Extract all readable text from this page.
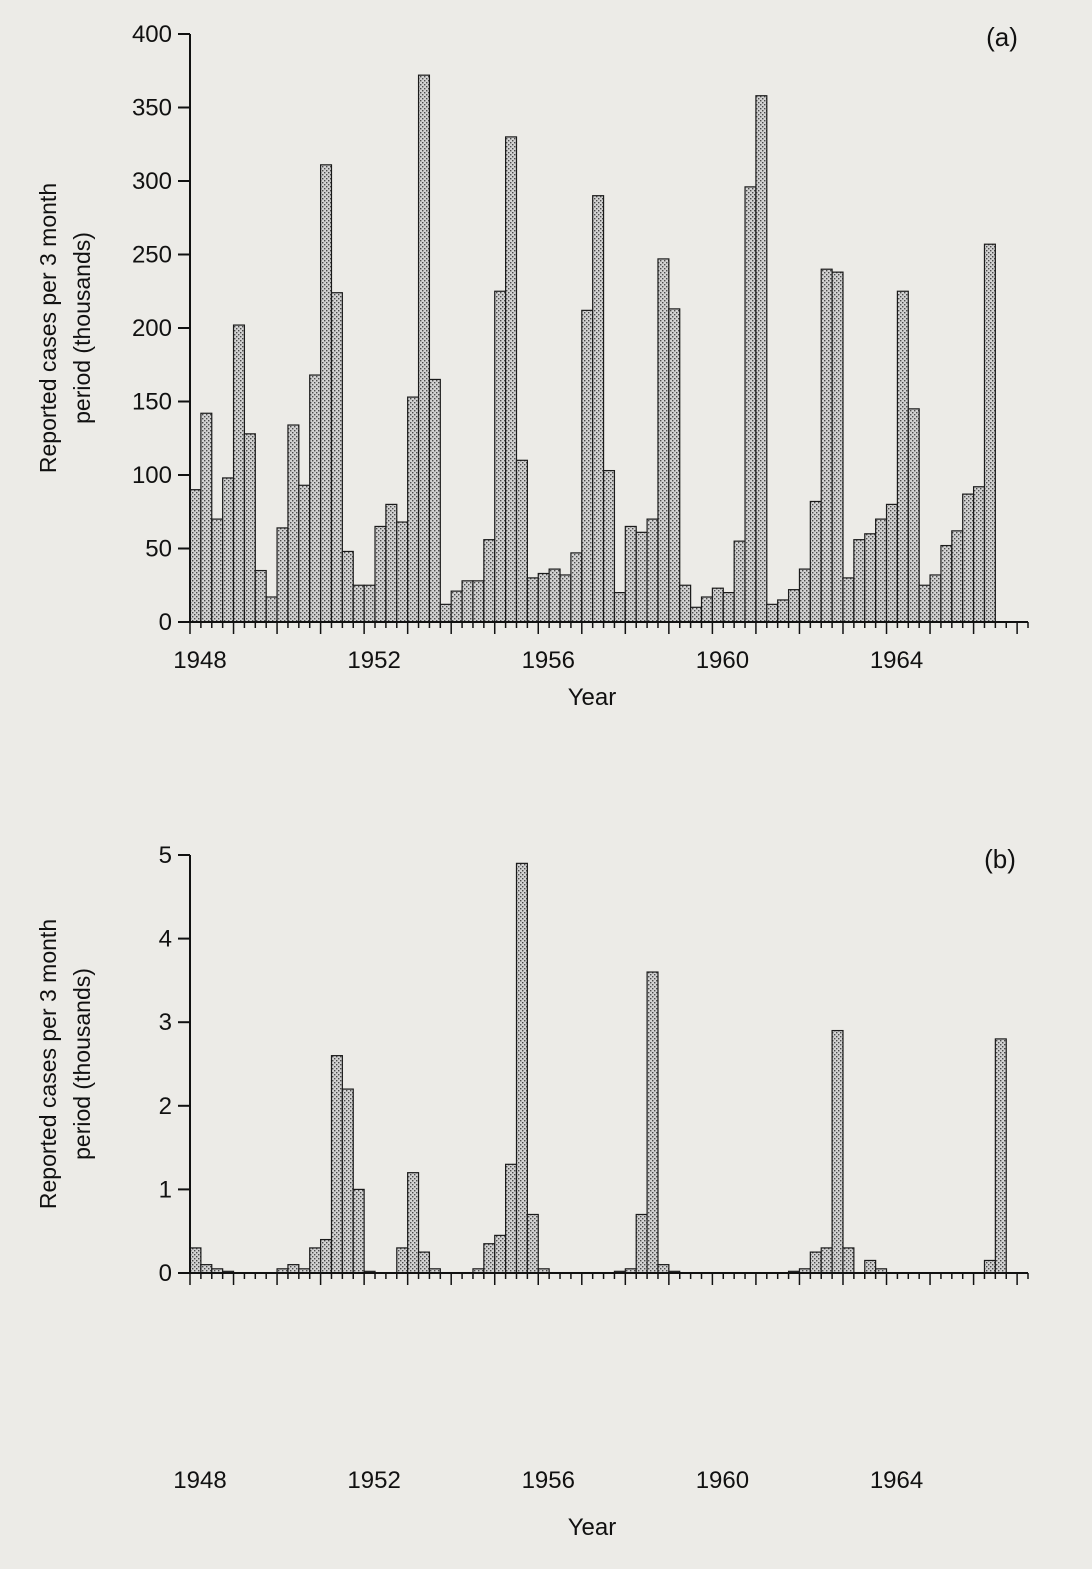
0
50
100
150
200
250
300
350
400
1948	1952	1956	1960	1964
Year
Reported cases per 3 month period (thousands)
(a)
0
1
2
3
4
5
1948	1952	1956	1960	1964
Year
Reported cases per 3 month period (thousands)
(b)
